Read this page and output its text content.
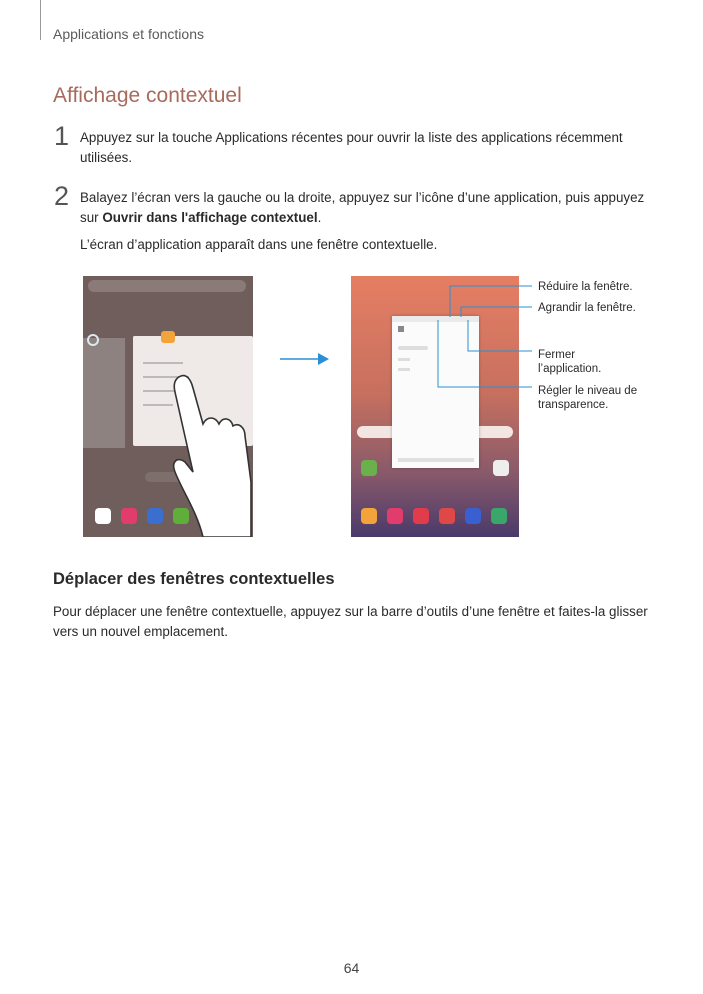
Applications et fonctions
Affichage contextuel
1 Appuyez sur la touche Applications récentes pour ouvrir la liste des applications récemment utilisées.
2 Balayez l’écran vers la gauche ou la droite, appuyez sur l’icône d’une application, puis appuyez sur Ouvrir dans l'affichage contextuel.
L’écran d’application apparaît dans une fenêtre contextuelle.
Réduire la fenêtre.
Agrandir la fenêtre.
Fermer l’application.
Régler le niveau de transparence.
Déplacer des fenêtres contextuelles
Pour déplacer une fenêtre contextuelle, appuyez sur la barre d’outils d’une fenêtre et faites-la glisser vers un nouvel emplacement.
64
